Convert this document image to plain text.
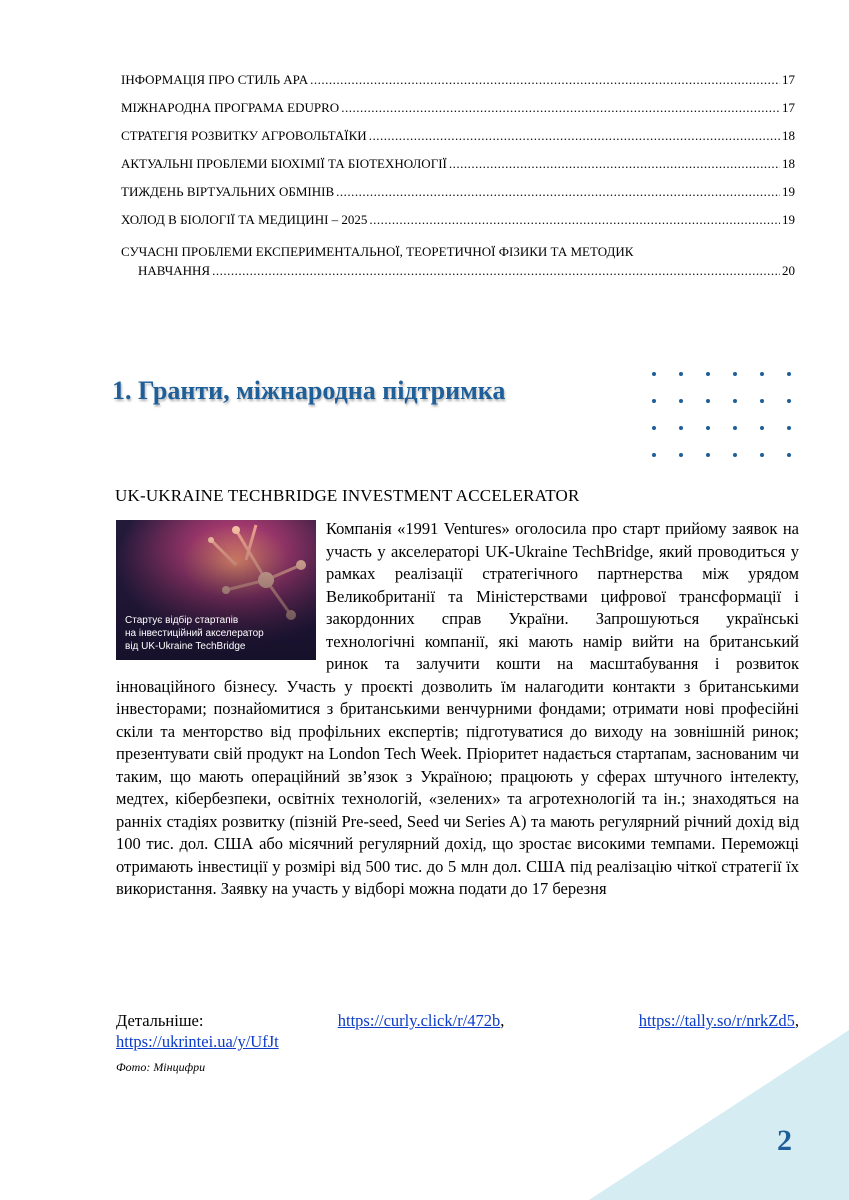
ІНФОРМАЦІЯ ПРО СТИЛЬ APA .....	17
МІЖНАРОДНА ПРОГРАМА EDUPRO .....	17
СТРАТЕГІЯ РОЗВИТКУ АГРОВОЛЬТАЇКИ .....	18
АКТУАЛЬНІ ПРОБЛЕМИ БІОХІМІЇ ТА БІОТЕХНОЛОГІЇ .....	18
ТИЖДЕНЬ ВІРТУАЛЬНИХ ОБМІНІВ .....	19
ХОЛОД В БІОЛОГІЇ ТА МЕДИЦИНІ – 2025 .....	19
СУЧАСНІ ПРОБЛЕМИ ЕКСПЕРИМЕНТАЛЬНОЇ, ТЕОРЕТИЧНОЇ ФІЗИКИ ТА МЕТОДИК
НАВЧАННЯ .....	20
1. Гранти, міжнародна підтримка
UK-UKRAINE TECHBRIDGE INVESTMENT ACCELERATOR
Компанія «1991 Ventures» оголосила про старт прийому заявок на участь у акселераторі UK-Ukraine TechBridge, який проводиться у рамках реалізації стратегічного партнерства між урядом Великобританії та Міністерствами цифрової трансформації і закордонних справ України. Запрошуються українські технологічні компанії, які мають намір вийти на британський ринок та залучити кошти на масштабування і розвиток інноваційного бізнесу. Участь у проєкті дозволить їм налагодити контакти з британськими інвесторами; познайомитися з британськими венчурними фондами; отримати нові професійні скіли та менторство від профільних експертів; підготуватися до виходу на зовнішній ринок; презентувати свій продукт на London Tech Week. Пріоритет надається стартапам, заснованим чи таким, що мають операційний зв’язок з Україною; працюють у сферах штучного інтелекту, медтех, кібербезпеки, освітніх технологій, «зелених» та агротехнологій та ін.; знаходяться на ранніх стадіях розвитку (пізній Pre-seed, Seed чи Series A) та мають регулярний річний дохід від 100 тис. дол. США або місячний регулярний дохід, що зростає високими темпами. Переможці отримають інвестиції у розмірі від 500 тис. до 5 млн дол. США під реалізацію чіткої стратегії їх використання. Заявку на участь у відборі можна подати до 17 березня
Стартує відбір стартапів
на інвестиційний акселератор
від UK-Ukraine TechBridge
Детальніше:	https://curly.click/r/472b,	https://tally.so/r/nrkZd5,
https://ukrintei.ua/y/UfJt
Фото: Мінцифри
2
